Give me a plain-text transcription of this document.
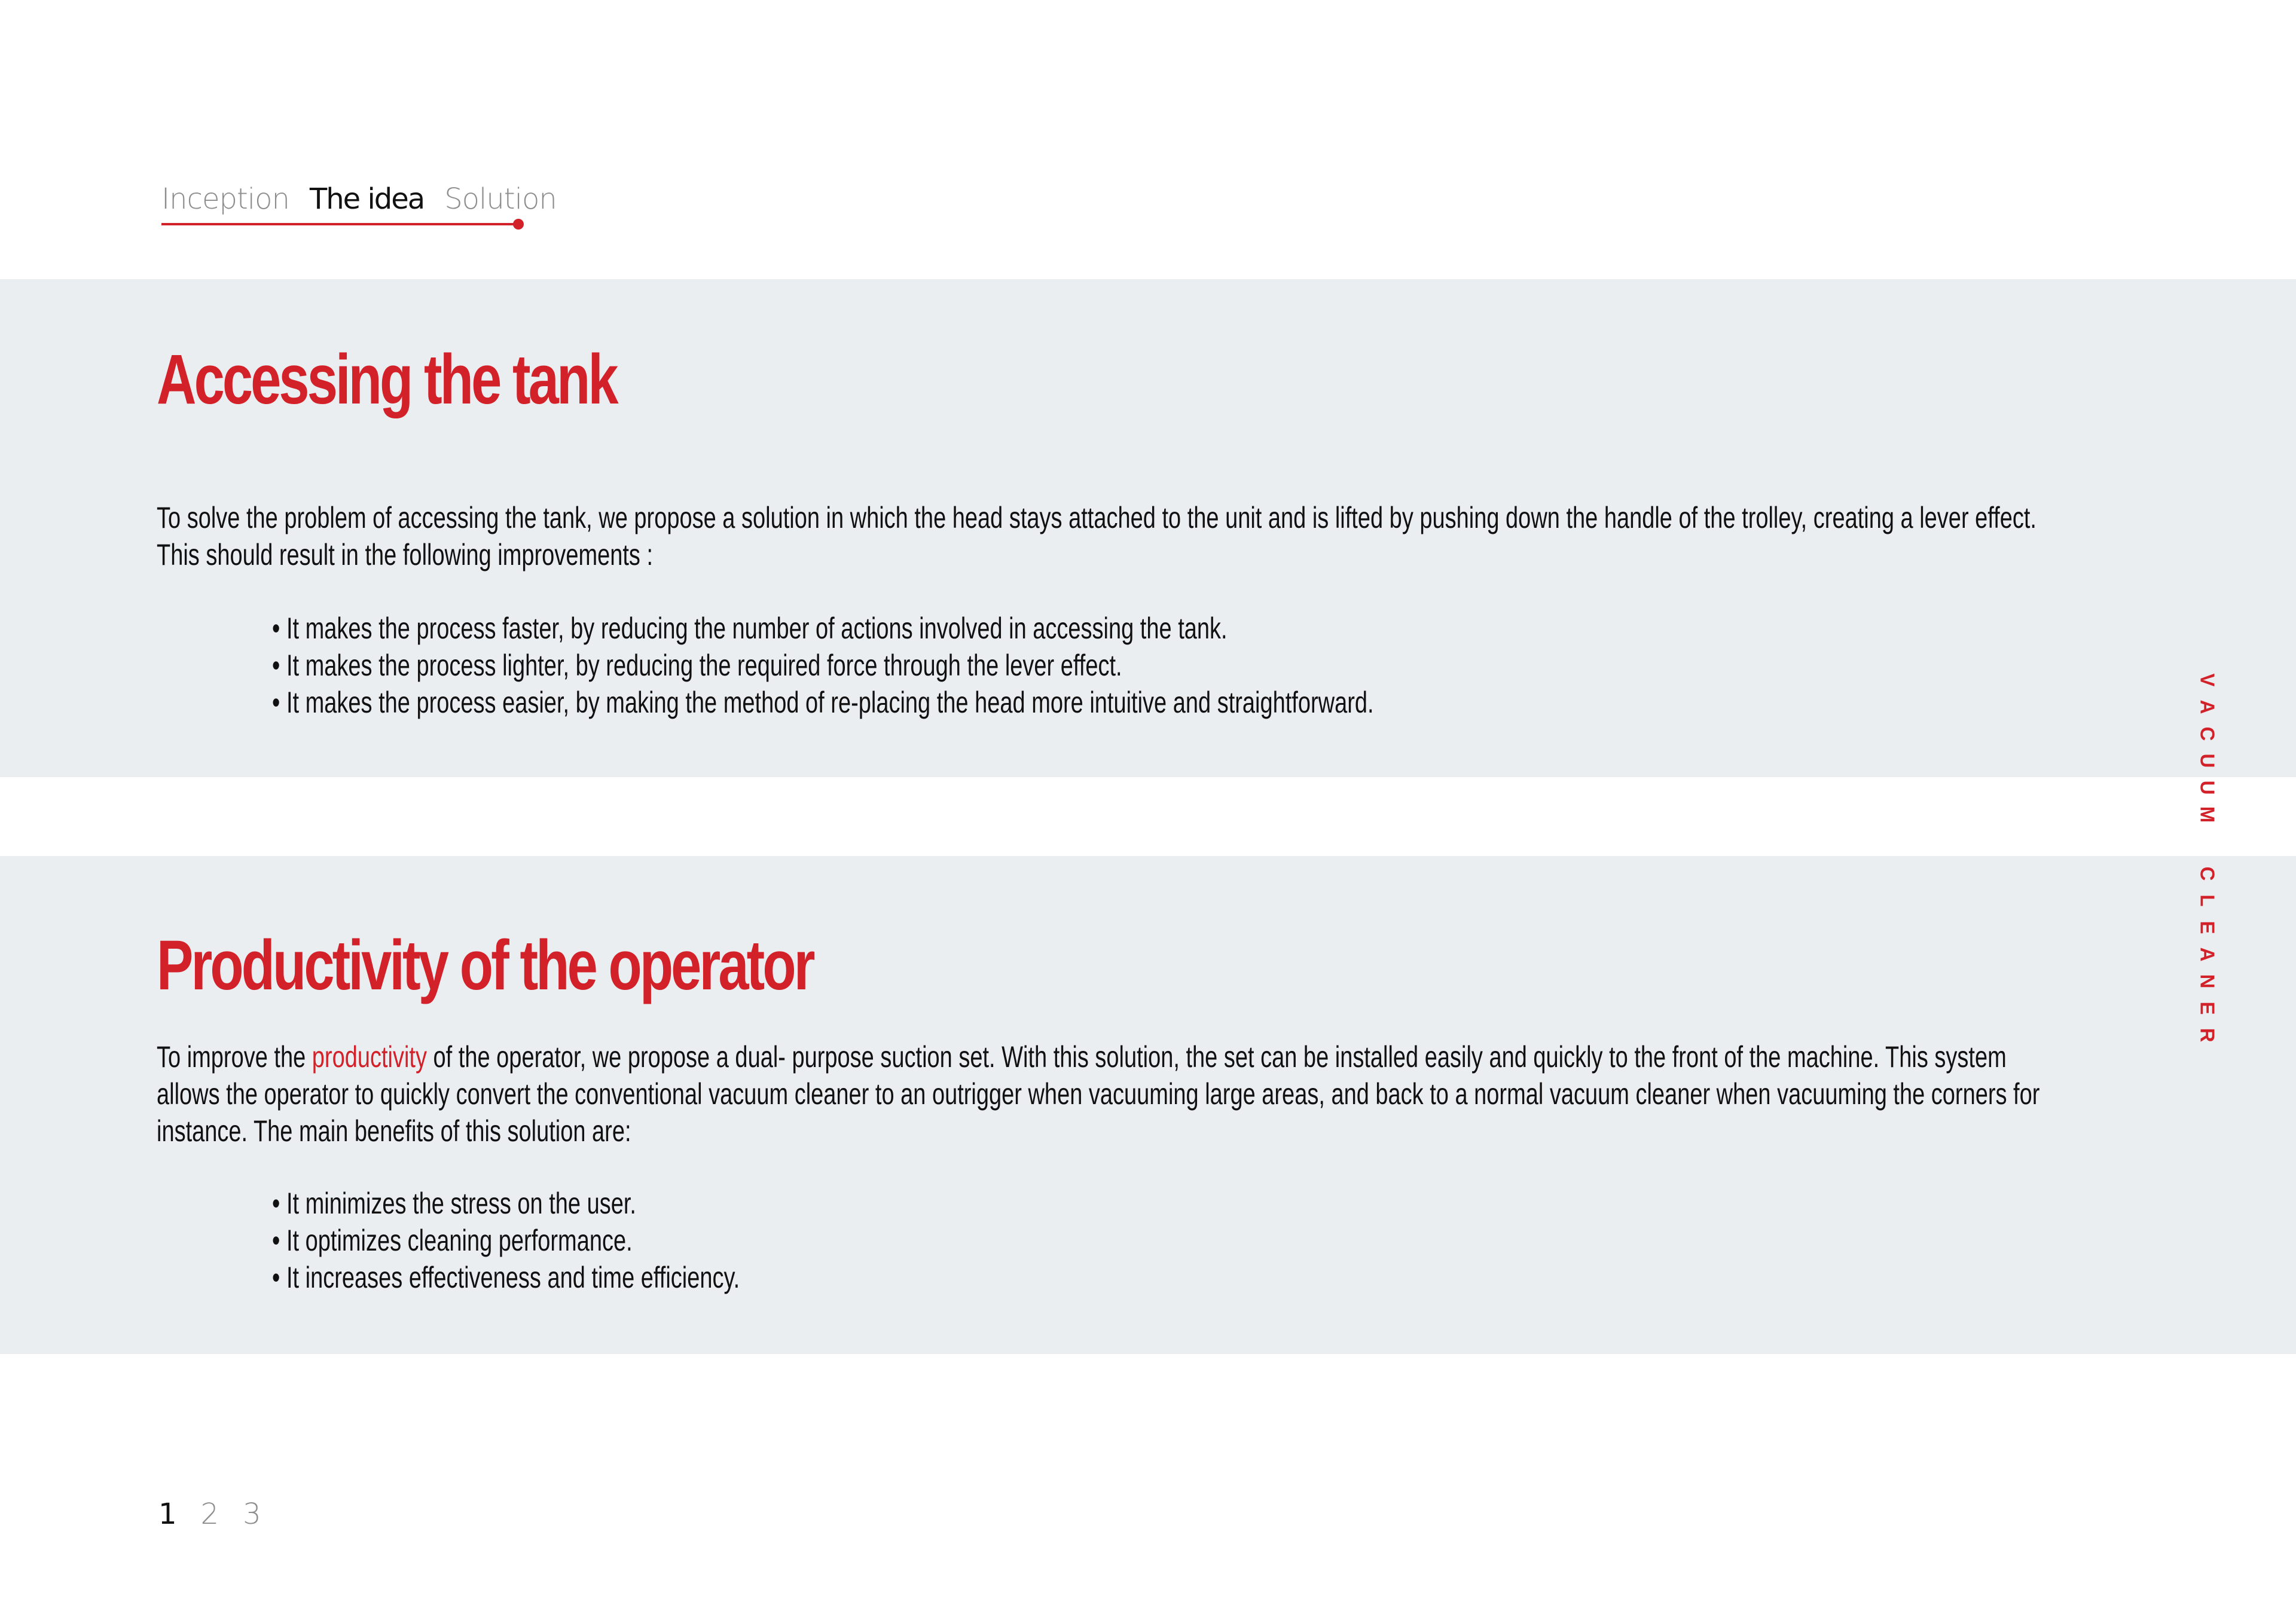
Inception The idea Solution
Accessing the tank

To solve the problem of accessing the tank, we propose a solution in which the head stays attached to the unit and is lifted by pushing down the handle of the trolley, creating a lever effect. This should result in the following improvements :

• It makes the process faster, by reducing the number of actions involved in accessing the tank.
• It makes the process lighter, by reducing the required force through the lever effect.
• It makes the process easier, by making the method of re-placing the head more intuitive and straightforward.
Productivity of the operator

To improve the productivity of the operator, we propose a dual- purpose suction set. With this solution, the set can be installed easily and quickly to the front of the machine. This system allows the operator to quickly convert the conventional vacuum cleaner to an outrigger when vacuuming large areas, and back to a normal vacuum cleaner when vacuuming the corners for instance. The main benefits of this solution are:

• It minimizes the stress on the user.
• It optimizes cleaning performance.
• It increases effectiveness and time efficiency.
V
A
C
U
U
M
C
L
E
A
N
E
R
1 2 3
